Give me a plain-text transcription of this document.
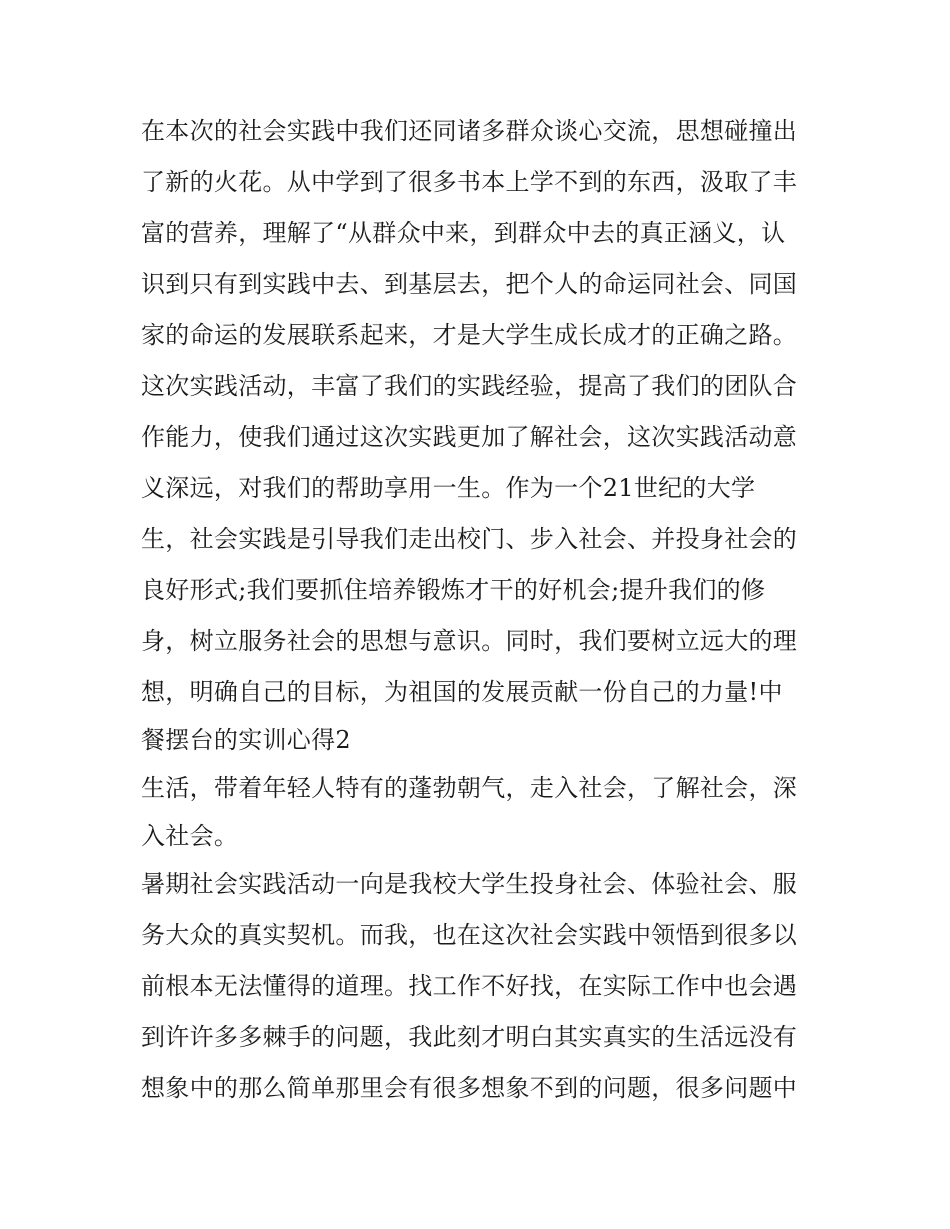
在本次的社会实践中我们还同诸多群众谈心交流，思想碰撞出
了新的火花。从中学到了很多书本上学不到的东西，汲取了丰
富的营养，理解了“从群众中来，到群众中去的真正涵义，认
识到只有到实践中去、到基层去，把个人的命运同社会、同国
家的命运的发展联系起来，才是大学生成长成才的正确之路。
这次实践活动，丰富了我们的实践经验，提高了我们的团队合
作能力，使我们通过这次实践更加了解社会，这次实践活动意
义深远，对我们的帮助享用一生。作为一个21世纪的大学
生，社会实践是引导我们走出校门、步入社会、并投身社会的
良好形式;我们要抓住培养锻炼才干的好机会;提升我们的修
身，树立服务社会的思想与意识。同时，我们要树立远大的理
想，明确自己的目标，为祖国的发展贡献一份自己的力量!中
餐摆台的实训心得2
生活，带着年轻人特有的蓬勃朝气，走入社会，了解社会，深
入社会。
暑期社会实践活动一向是我校大学生投身社会、体验社会、服
务大众的真实契机。而我，也在这次社会实践中领悟到很多以
前根本无法懂得的道理。找工作不好找，在实际工作中也会遇
到许许多多棘手的问题，我此刻才明白其实真实的生活远没有
想象中的那么简单那里会有很多想象不到的问题，很多问题中
